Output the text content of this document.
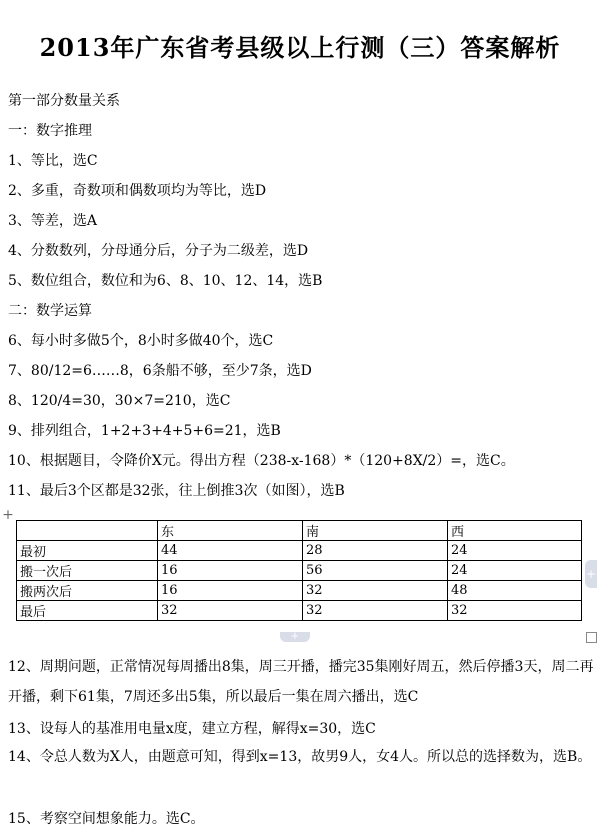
2013年广东省考县级以上行测（三）答案解析
第一部分数量关系
一：数字推理
1、等比，选C
2、多重，奇数项和偶数项均为等比，选D
3、等差，选A
4、分数数列，分母通分后，分子为二级差，选D
5、数位组合，数位和为6、8、10、12、14，选B
二：数学运算
6、每小时多做5个，8小时多做40个，选C
7、80/12=6……8，6条船不够，至少7条，选D
8、120/4=30，30×7=210，选C
9、排列组合，1+2+3+4+5+6=21，选B
10、根据题目，令降价X元。得出方程（238-x-168）*（120+8X/2）=，选C。
11、最后3个区都是32张，往上倒推3次（如图），选B
+
	东	南	西
最初	44	28	24
搬一次后	16	56	24
搬两次后	16	32	48
最后	32	32	32
+
+
12、周期问题，正常情况每周播出8集，周三开播，播完35集刚好周五，然后停播3天，周二再开播，剩下61集，7周还多出5集，所以最后一集在周六播出，选C
13、设每人的基准用电量x度，建立方程，解得x=30，选C
14、令总人数为X人，由题意可知，得到x=13，故男9人，女4人。所以总的选择数为，选B。
15、考察空间想象能力。选C。
